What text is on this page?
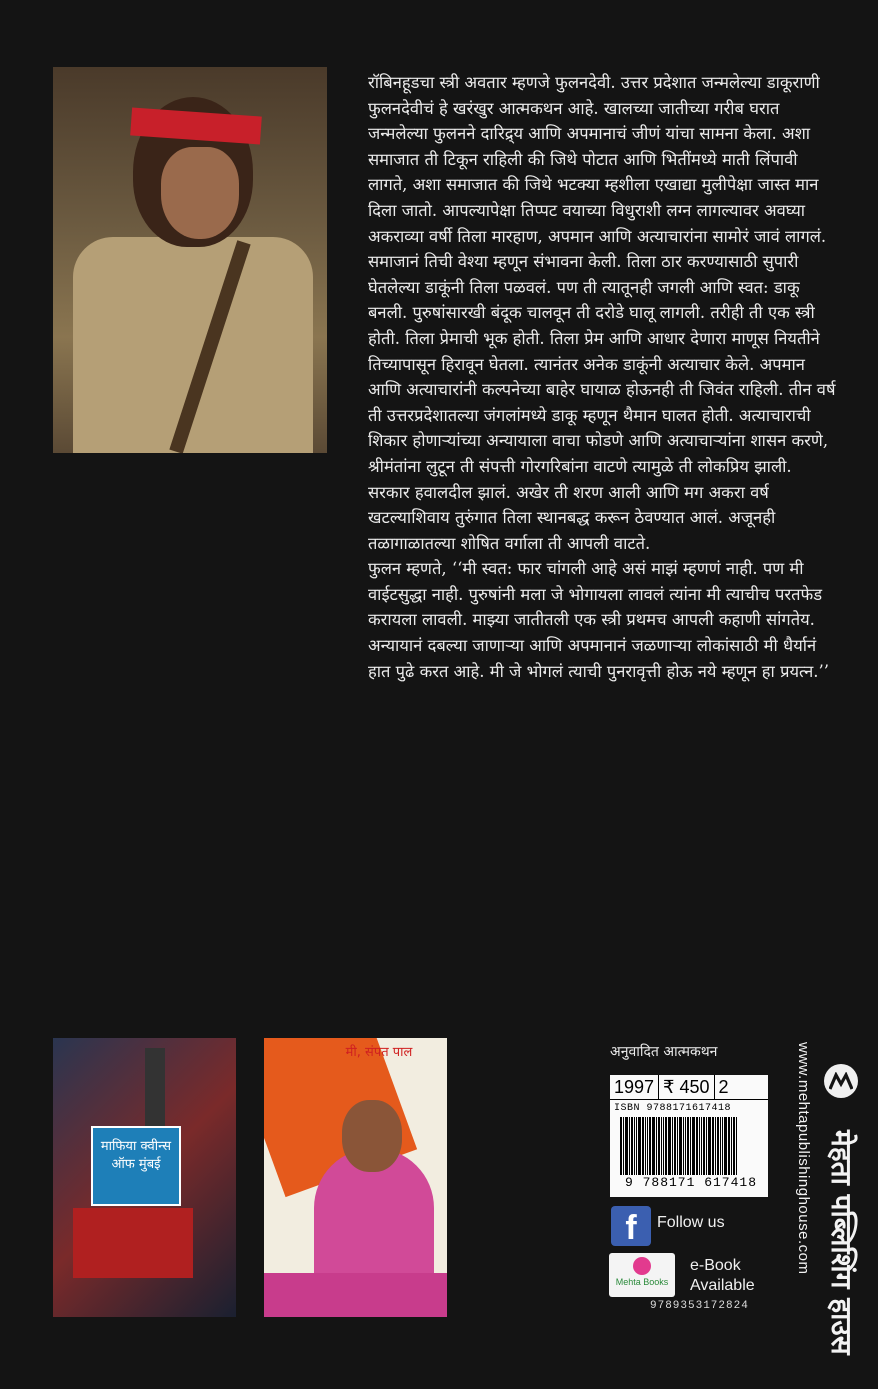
रॉबिनहूडचा स्त्री अवतार म्हणजे फुलनदेवी. उत्तर प्रदेशात जन्मलेल्या डाकूराणी फुलनदेवीचं हे खरंखुर आत्मकथन आहे. खालच्या जातीच्या गरीब घरात जन्मलेल्या फुलनने दारिद्र्य आणि अपमानाचं जीणं यांचा सामना केला. अशा समाजात ती टिकून राहिली की जिथे पोटात आणि भितींमध्ये माती लिंपावी लागते, अशा समाजात की जिथे भटक्या म्हशीला एखाद्या मुलीपेक्षा जास्त मान दिला जातो. आपल्यापेक्षा तिप्पट वयाच्या विधुराशी लग्न लागल्यावर अवघ्या अकराव्या वर्षी तिला मारहाण, अपमान आणि अत्याचारांना सामोरं जावं लागलं. समाजानं तिची वेश्या म्हणून संभावना केली. तिला ठार करण्यासाठी सुपारी घेतलेल्या डाकूंनी तिला पळवलं. पण ती त्यातूनही जगली आणि स्वत: डाकू बनली. पुरुषांसारखी बंदूक चालवून ती दरोडे घालू लागली. तरीही ती एक स्त्री होती. तिला प्रेमाची भूक होती. तिला प्रेम आणि आधार देणारा माणूस नियतीने तिच्यापासून हिरावून घेतला. त्यानंतर अनेक डाकूंनी अत्याचार केले. अपमान आणि अत्याचारांनी कल्पनेच्या बाहेर घायाळ होऊनही ती जिवंत राहिली. तीन वर्ष ती उत्तरप्रदेशातल्या जंगलांमध्ये डाकू म्हणून थैमान घालत होती. अत्याचाराची शिकार होणाऱ्यांच्या अन्यायाला वाचा फोडणे आणि अत्याचाऱ्यांना शासन करणे, श्रीमंतांना लुटून ती संपत्ती गोरगरिबांना वाटणे त्यामुळे ती लोकप्रिय झाली. सरकार हवालदील झालं. अखेर ती शरण आली आणि मग अकरा वर्ष खटल्याशिवाय तुरुंगात तिला स्थानबद्ध करून ठेवण्यात आलं. अजूनही तळागाळातल्या शोषित वर्गाला ती आपली वाटते.

फुलन म्हणते, ‘‘मी स्वत: फार चांगली आहे असं माझं म्हणणं नाही. पण मी वाईटसुद्धा नाही. पुरुषांनी मला जे भोगायला लावलं त्यांना मी त्याचीच परतफेड करायला लावली. माझ्या जातीतली एक स्त्री प्रथमच आपली कहाणी सांगतेय. अन्यायानं दबल्या जाणाऱ्या आणि अपमानानं जळणाऱ्या लोकांसाठी मी धैर्यानं हात पुढे करत आहे. मी जे भोगलं त्याची पुनरावृत्ती होऊ नये म्हणून हा प्रयत्न.’’

माफिया क्वीन्स ऑफ मुंबई
मी, संपत पाल	अनुवादित आत्मकथन
1997 ₹ 450 2
ISBN 9788171617418
9 788171 617418
f	Follow us
Mehta Books
e-Book
Available
9789353172824
www.mehtapublishinghouse.com मेहता पब्लिशिंग हाउस
